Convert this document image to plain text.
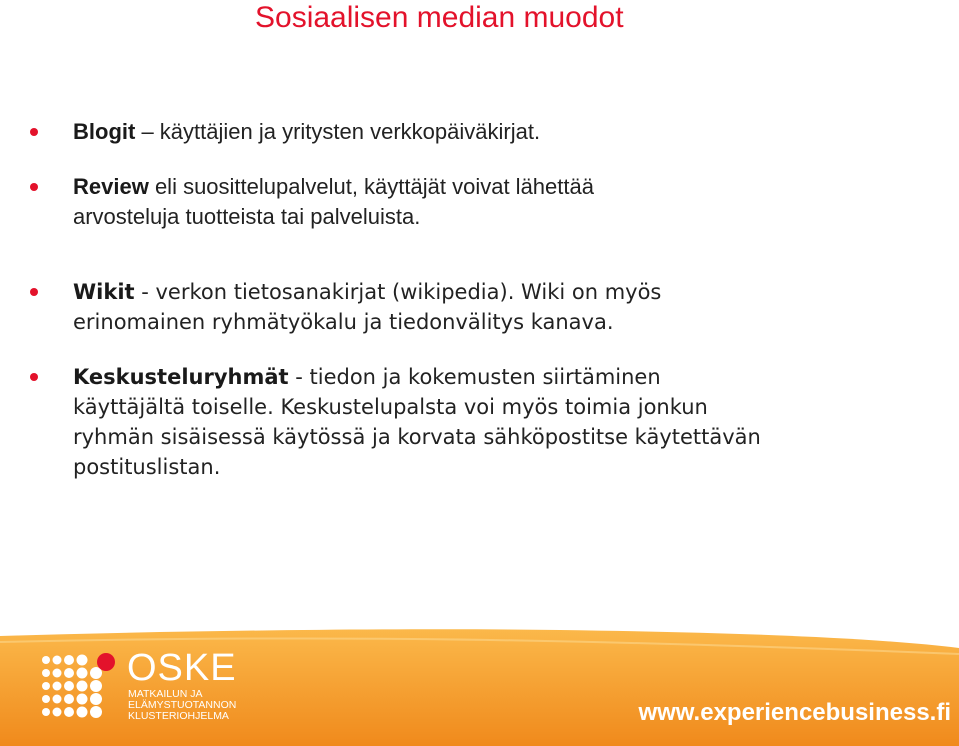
Sosiaalisen median muodot
Blogit – käyttäjien ja yritysten verkkopäiväkirjat.
Review eli suosittelupalvelut, käyttäjät voivat lähettää
arvosteluja tuotteista tai palveluista.
Wikit - verkon tietosanakirjat (wikipedia). Wiki on myös
erinomainen ryhmätyökalu ja tiedonvälitys kanava.
Keskusteluryhmät - tiedon ja kokemusten siirtäminen
käyttäjältä toiselle. Keskustelupalsta voi myös toimia jonkun
ryhmän sisäisessä käytössä ja korvata sähköpostitse käytettävän
postituslistan.
OSKE
MATKAILUN JA
ELÄMYSTUOTANNON
KLUSTERIOHJELMA	www.experiencebusiness.fi
